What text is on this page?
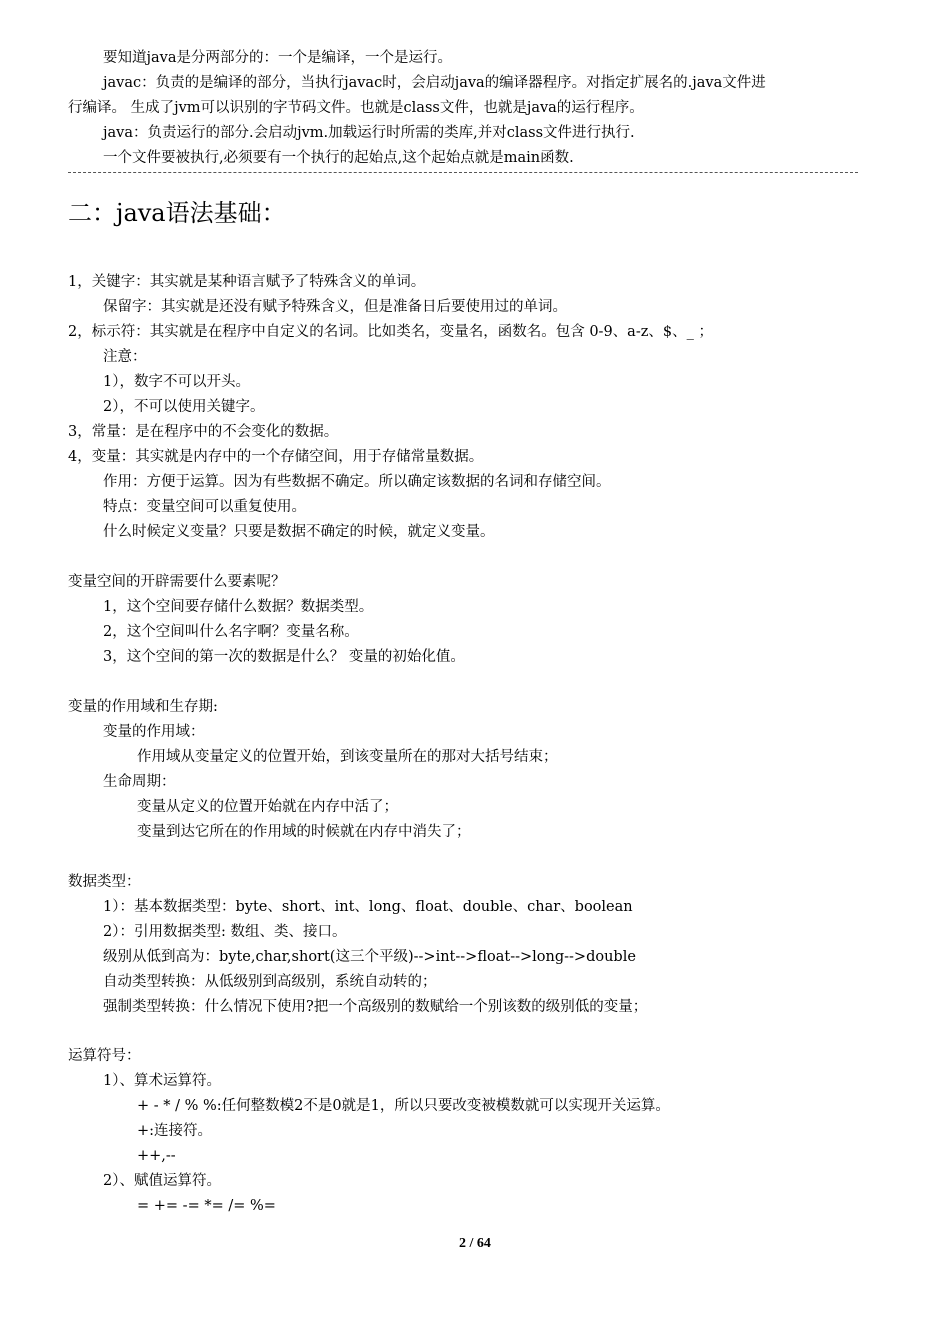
要知道java是分两部分的：一个是编译，一个是运行。
javac：负责的是编译的部分，当执行javac时，会启动java的编译器程序。对指定扩展名的.java文件进
行编译。 生成了jvm可以识别的字节码文件。也就是class文件，也就是java的运行程序。
java：负责运行的部分.会启动jvm.加载运行时所需的类库,并对class文件进行执行.
一个文件要被执行,必须要有一个执行的起始点,这个起始点就是main函数.
二：java语法基础：
1，关键字：其实就是某种语言赋予了特殊含义的单词。
保留字：其实就是还没有赋予特殊含义，但是准备日后要使用过的单词。
2，标示符：其实就是在程序中自定义的名词。比如类名，变量名，函数名。包含 0-9、a-z、$、_ ；
注意：
1），数字不可以开头。
2），不可以使用关键字。
3，常量：是在程序中的不会变化的数据。
4，变量：其实就是内存中的一个存储空间，用于存储常量数据。
作用：方便于运算。因为有些数据不确定。所以确定该数据的名词和存储空间。
特点：变量空间可以重复使用。
什么时候定义变量？只要是数据不确定的时候，就定义变量。
变量空间的开辟需要什么要素呢？
1，这个空间要存储什么数据？数据类型。
2，这个空间叫什么名字啊？变量名称。
3，这个空间的第一次的数据是什么？ 变量的初始化值。
变量的作用域和生存期:
变量的作用域：
作用域从变量定义的位置开始，到该变量所在的那对大括号结束；
生命周期：
变量从定义的位置开始就在内存中活了；
变量到达它所在的作用域的时候就在内存中消失了；
数据类型：
1）：基本数据类型：byte、short、int、long、float、double、char、boolean
2）：引用数据类型: 数组、类、接口。
级别从低到高为：byte,char,short(这三个平级)-->int-->float-->long-->double
自动类型转换：从低级别到高级别，系统自动转的；
强制类型转换：什么情况下使用?把一个高级别的数赋给一个别该数的级别低的变量；
运算符号：
1）、算术运算符。
+ - * / % %:任何整数模2不是0就是1，所以只要改变被模数就可以实现开关运算。
+:连接符。
++,--
2）、赋值运算符。
= += -= *= /= %=
2 / 64
